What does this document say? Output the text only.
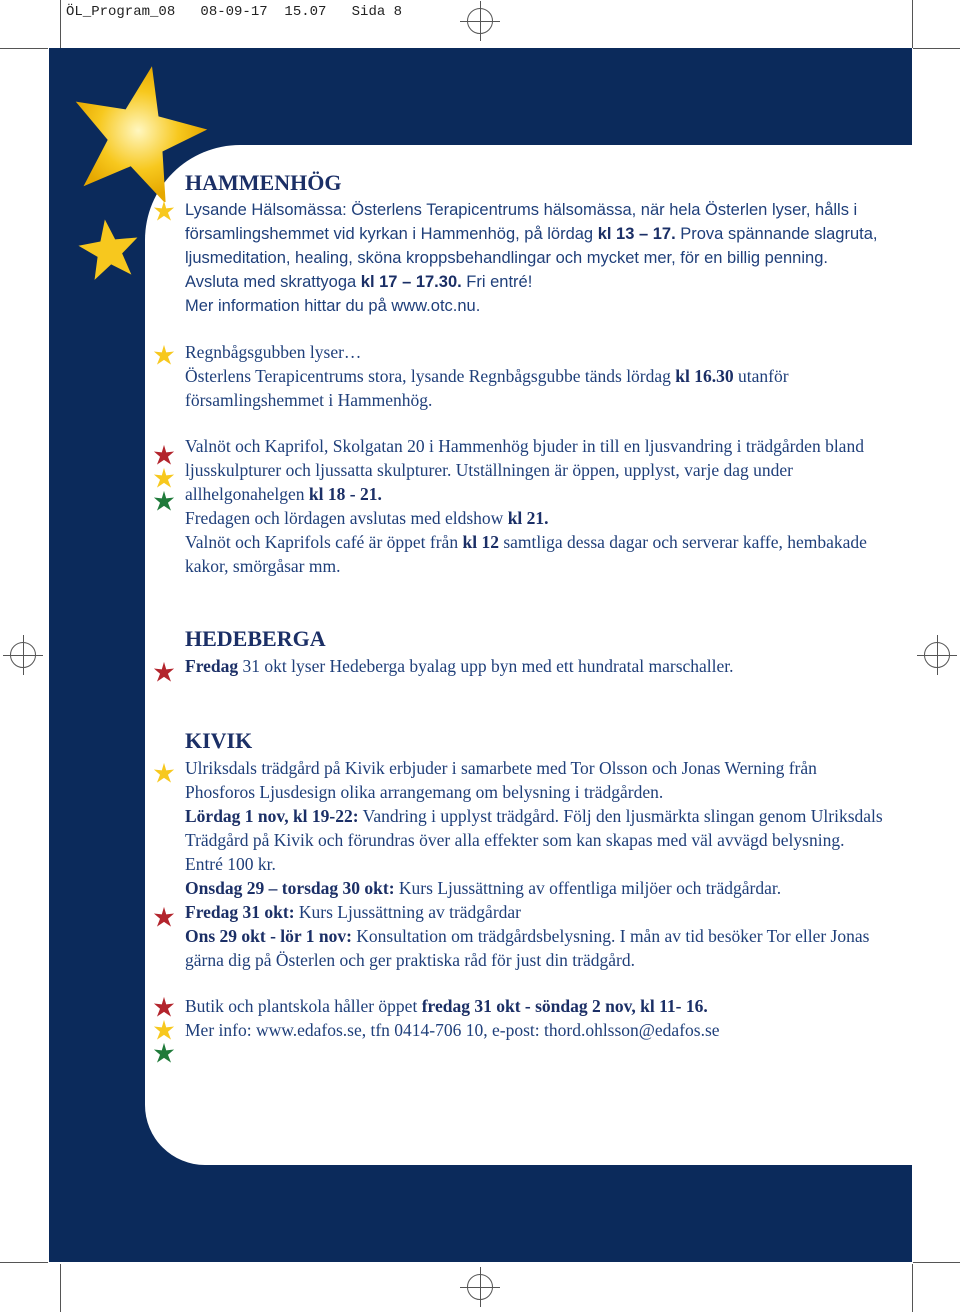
ÖL_Program_08   08-09-17  15.07   Sida 8
HAMMENHÖG

Lysande Hälsomässa: Österlens Terapicentrums hälsomässa, när hela Österlen lyser, hålls i församlingshemmet vid kyrkan i Hammenhög, på lördag kl 13 – 17. Prova spännande slagruta, ljusmeditation, healing, sköna kroppsbehandlingar och mycket mer, för en billig penning. Avsluta med skrattyoga kl 17 – 17.30. Fri entré!
Mer information hittar du på www.otc.nu.

Regnbågsgubben lyser…
Österlens Terapicentrums stora, lysande Regnbågsgubbe tänds lördag kl 16.30 utanför församlingshemmet i Hammenhög.

Valnöt och Kaprifol, Skolgatan 20 i Hammenhög bjuder in till en ljusvandring i trädgården bland ljusskulpturer och ljussatta skulpturer. Utställningen är öppen, upplyst, varje dag under allhelgonahelgen kl 18 - 21.
Fredagen och lördagen avslutas med eldshow kl 21.
Valnöt och Kaprifols café är öppet från kl 12 samtliga dessa dagar och serverar kaffe, hembakade kakor, smörgåsar mm.

HEDEBERGA

Fredag 31 okt lyser Hedeberga byalag upp byn med ett hundratal marschaller.

KIVIK

Ulriksdals trädgård på Kivik erbjuder i samarbete med Tor Olsson och Jonas Werning från Phosforos Ljusdesign olika arrangemang om belysning i trädgården.
Lördag 1 nov, kl 19-22: Vandring i upplyst trädgård. Följ den ljusmärkta slingan genom Ulriksdals Trädgård på Kivik och förundras över alla effekter som kan skapas med väl avvägd belysning. Entré 100 kr.
Onsdag 29 – torsdag 30 okt: Kurs Ljussättning av offentliga miljöer och trädgårdar.
Fredag 31 okt: Kurs Ljussättning av trädgårdar
Ons 29 okt - lör 1 nov: Konsultation om trädgårdsbelysning. I mån av tid besöker Tor eller Jonas gärna dig på Österlen och ger praktiska råd för just din trädgård.

Butik och plantskola håller öppet fredag 31 okt - söndag 2 nov, kl 11- 16.
Mer info: www.edafos.se, tfn 0414-706 10, e-post: thord.ohlsson@edafos.se
